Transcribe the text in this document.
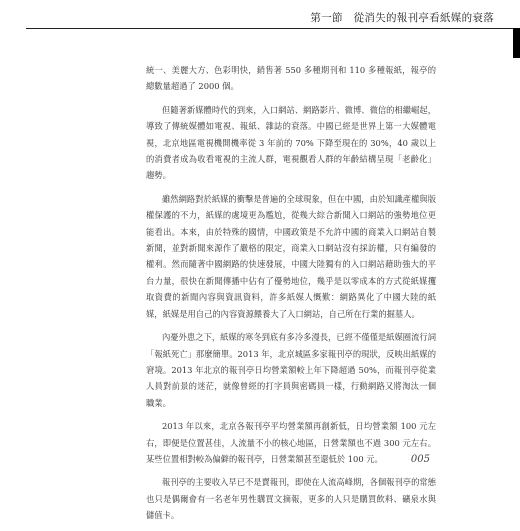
第一節　從消失的報刊亭看紙媒的衰落

統一、美麗大方、色彩明快，銷售著 550 多種期刊和 110 多種報紙，報亭的總數量超過了 2000 個。

但隨著新媒體時代的到來，入口網站、網路影片、微博、微信的相繼崛起，導致了傳統媒體如電視、報紙、雜誌的衰落。中國已經是世界上第一大媒體電視，北京地區電視機開機率從 3 年前的 70% 下降至現在的 30%，40 歲以上的消費者成為收看電視的主流人群，電視觀看人群的年齡結構呈現「老齡化」趨勢。

雖然網路對於紙媒的衝擊是普遍的全球現象，但在中國，由於知識產權與版權保護的不力，紙媒的處境更為尷尬，從幾大綜合新聞入口網站的強勢地位更能看出。本來，由於特殊的國情，中國政策是不允許中國的商業入口網站自製新聞，並對新聞來源作了嚴格的限定，商業入口網站沒有採訪權，只有編發的權利。然而隨著中國網路的快速發展，中國大陸獨有的入口網站藉助強大的平台力量，很快在新聞傳播中佔有了優勢地位，幾乎是以零成本的方式從紙媒攫取資費的新聞內容與資訊資料，許多紙媒人慨歎：網路異化了中國大陸的紙媒，紙媒是用自己的內容資源餵養大了入口網站，自己所在行業的掘墓人。

內憂外患之下，紙媒的寒冬到底有多冷多漫長，已經不僅僅是紙媒圈流行詞「報紙死亡」那麼簡單。2013 年，北京城區多家報刊亭的現狀，反映出紙媒的窘境。2013 年北京的報刊亭日均營業額較上年下降超過 50%，而報刊亭從業人員對前景的迷茫，就像曾經的打字員與密碼員一樣，行動網路又將淘汰一個職業。

2013 年以來，北京各報刊亭平均營業額再創新低，日均營業額 100 元左右，即便是位置甚佳，人流量不小的核心地區，日營業額也不過 300 元左右。某些位置相對較為偏僻的報刊亭，日營業額甚至還低於 100 元。

報刊亭的主要收入早已不是賣報刊，即使在人流高峰期，各個報刊亭的常態也只是偶爾會有一名老年男性購買文摘報，更多的人只是購買飲料、礦泉水與儲值卡。

005
